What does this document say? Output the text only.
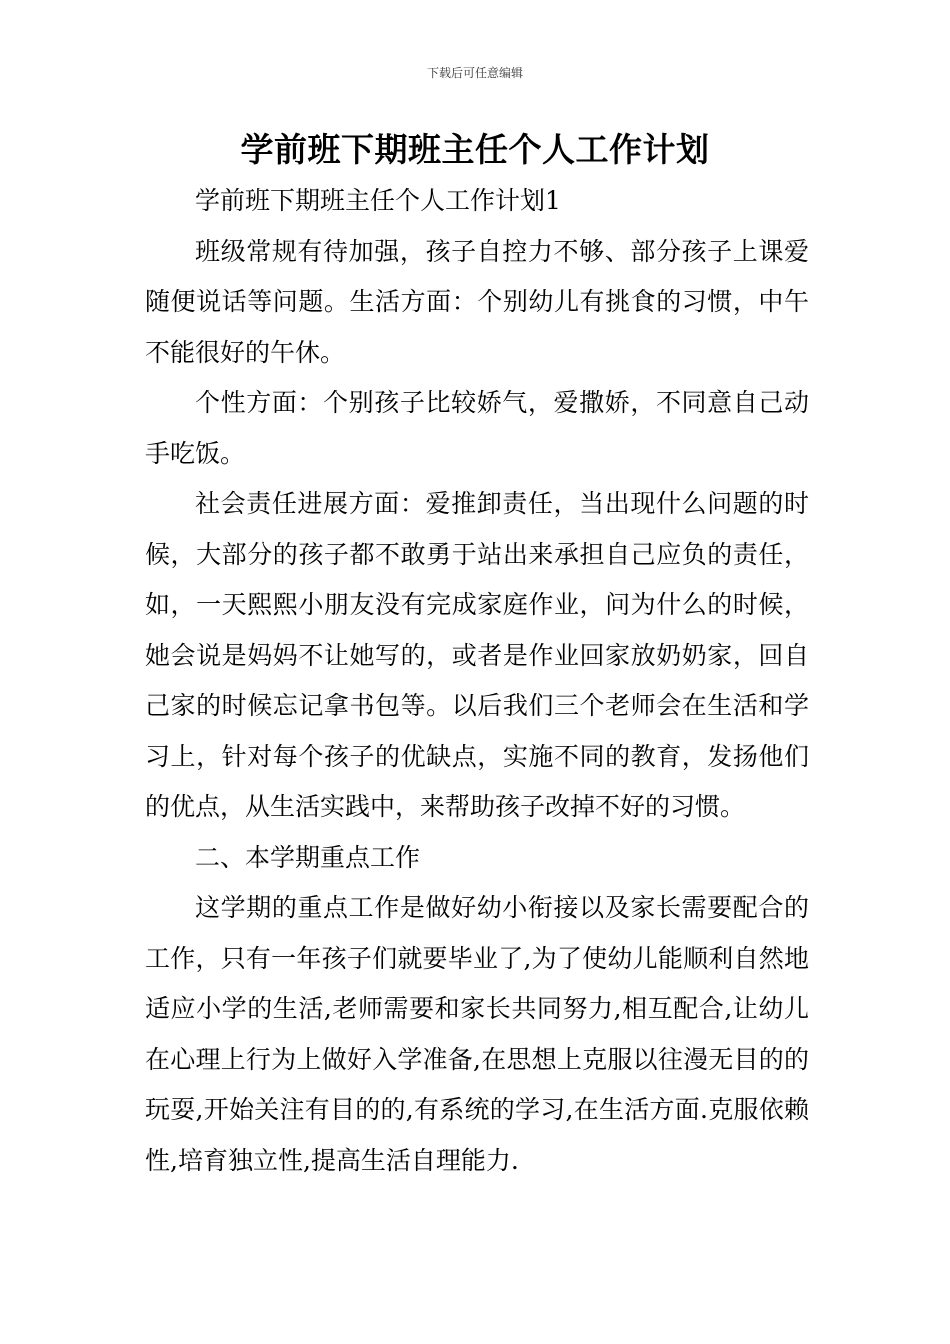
下载后可任意编辑
学前班下期班主任个人工作计划

学前班下期班主任个人工作计划1

班级常规有待加强，孩子自控力不够、部分孩子上课爱随便说话等问题。生活方面：个别幼儿有挑食的习惯，中午不能很好的午休。

个性方面：个别孩子比较娇气，爱撒娇，不同意自己动手吃饭。

社会责任进展方面：爱推卸责任，当出现什么问题的时候，大部分的孩子都不敢勇于站出来承担自己应负的责任，如，一天熙熙小朋友没有完成家庭作业，问为什么的时候，她会说是妈妈不让她写的，或者是作业回家放奶奶家，回自己家的时候忘记拿书包等。以后我们三个老师会在生活和学习上，针对每个孩子的优缺点，实施不同的教育，发扬他们的优点，从生活实践中，来帮助孩子改掉不好的习惯。

二、本学期重点工作

这学期的重点工作是做好幼小衔接以及家长需要配合的工作，只有一年孩子们就要毕业了,为了使幼儿能顺利自然地适应小学的生活,老师需要和家长共同努力,相互配合,让幼儿在心理上行为上做好入学准备,在思想上克服以往漫无目的的玩耍,开始关注有目的的,有系统的学习,在生活方面.克服依赖性,培育独立性,提高生活自理能力.
